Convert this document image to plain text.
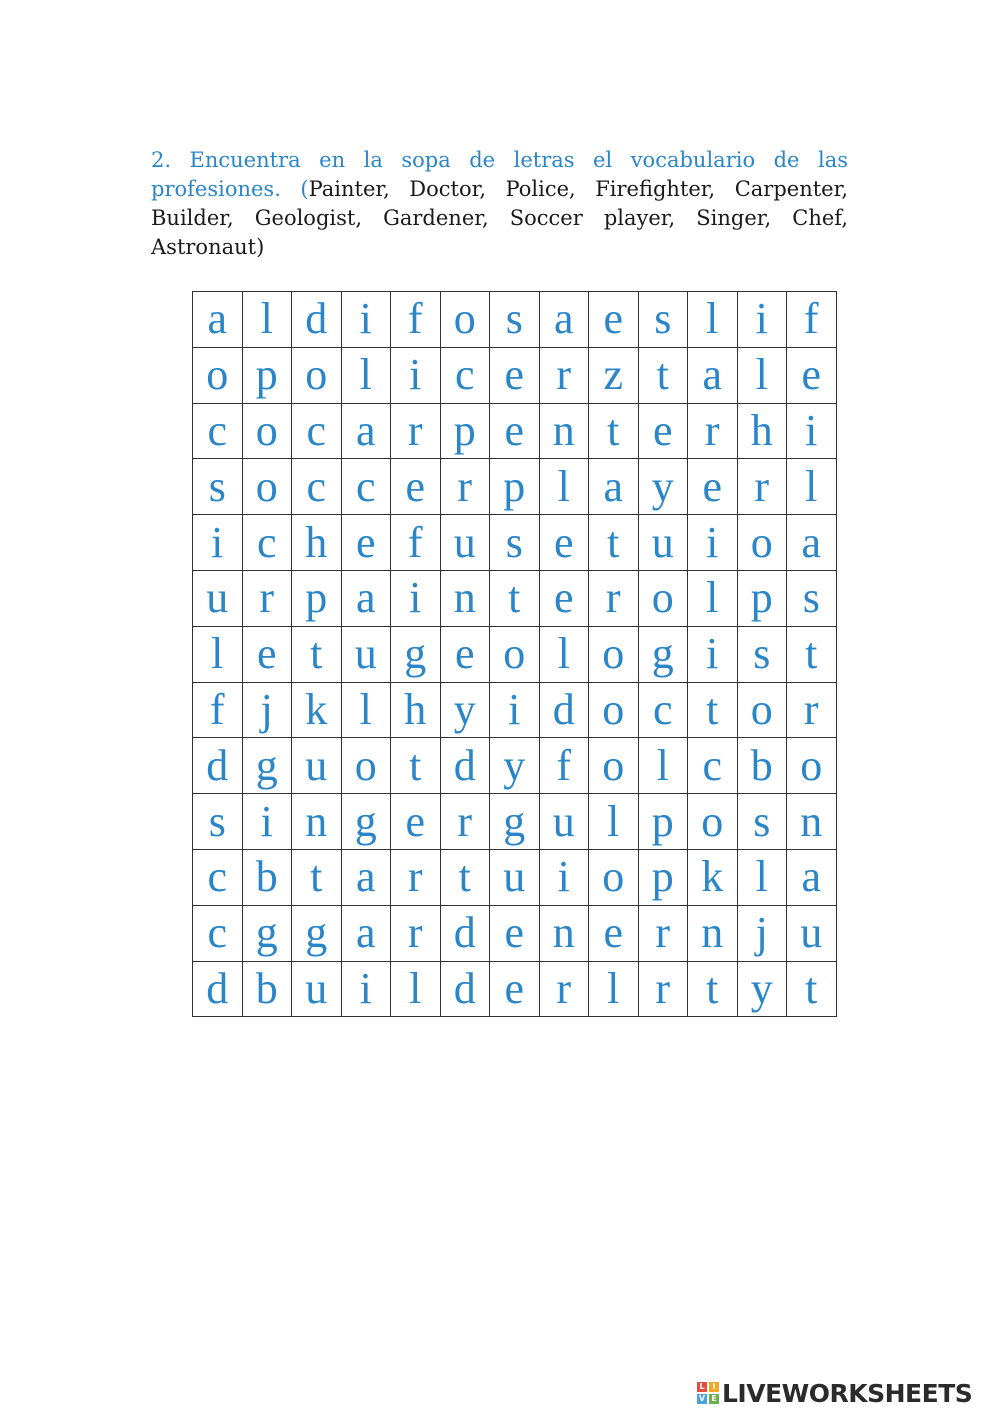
2. Encuentra en la sopa de letras el vocabulario de las profesiones. (Painter, Doctor, Police, Firefighter, Carpenter, Builder, Geologist, Gardener, Soccer player, Singer, Chef, Astronaut)

a	l	d	i	f	o	s	a	e	s	l	i	f
o	p	o	l	i	c	e	r	z	t	a	l	e
c	o	c	a	r	p	e	n	t	e	r	h	i
s	o	c	c	e	r	p	l	a	y	e	r	l
i	c	h	e	f	u	s	e	t	u	i	o	a
u	r	p	a	i	n	t	e	r	o	l	p	s
l	e	t	u	g	e	o	l	o	g	i	s	t
f	j	k	l	h	y	i	d	o	c	t	o	r
d	g	u	o	t	d	y	f	o	l	c	b	o
s	i	n	g	e	r	g	u	l	p	o	s	n
c	b	t	a	r	t	u	i	o	p	k	l	a
c	g	g	a	r	d	e	n	e	r	n	j	u
d	b	u	i	l	d	e	r	l	r	t	y	t
L I
V E LIVEWORKSHEETS
